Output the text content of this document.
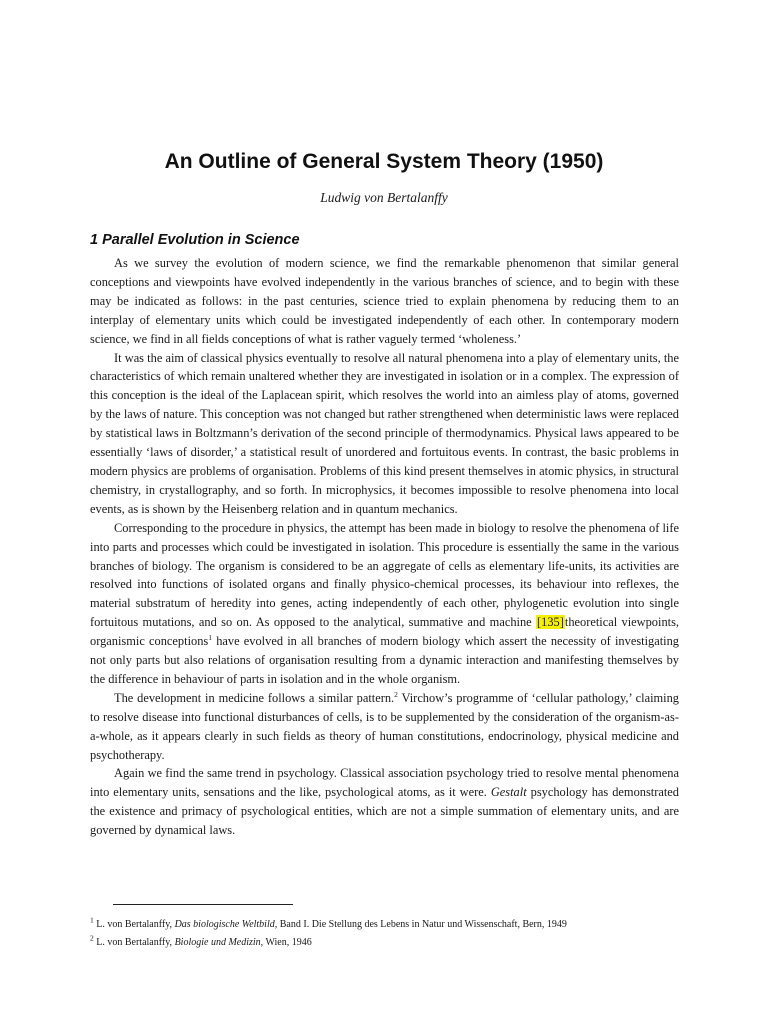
An Outline of General System Theory (1950)
Ludwig von Bertalanffy
1 Parallel Evolution in Science

As we survey the evolution of modern science, we find the remarkable phenomenon that similar general conceptions and viewpoints have evolved independently in the various branches of science, and to begin with these may be indicated as follows: in the past centuries, science tried to explain phenomena by reducing them to an interplay of elementary units which could be investigated independently of each other. In contemporary modern science, we find in all fields conceptions of what is rather vaguely termed ‘wholeness.’

It was the aim of classical physics eventually to resolve all natural phenomena into a play of elementary units, the characteristics of which remain unaltered whether they are investigated in isolation or in a complex. The expression of this conception is the ideal of the Laplacean spirit, which resolves the world into an aimless play of atoms, governed by the laws of nature. This conception was not changed but rather strengthened when deterministic laws were replaced by statistical laws in Boltzmann’s derivation of the second principle of thermodynamics. Physical laws appeared to be essentially ‘laws of disorder,’ a statistical result of unordered and fortuitous events. In contrast, the basic problems in modern physics are problems of organisation. Problems of this kind present themselves in atomic physics, in structural chemistry, in crystallography, and so forth. In microphysics, it becomes impossible to resolve phenomena into local events, as is shown by the Heisenberg relation and in quantum mechanics.

Corresponding to the procedure in physics, the attempt has been made in biology to resolve the phenomena of life into parts and processes which could be investigated in isolation. This procedure is essentially the same in the various branches of biology. The organism is considered to be an aggregate of cells as elementary life-units, its activities are resolved into functions of isolated organs and finally physico-chemical processes, its behaviour into reflexes, the material substratum of heredity into genes, acting independently of each other, phylogenetic evolution into single fortuitous mutations, and so on. As opposed to the analytical, summative and machine [135]theoretical viewpoints, organismic conceptions$^1$ have evolved in all branches of modern biology which assert the necessity of investigating not only parts but also relations of organisation resulting from a dynamic interaction and manifesting themselves by the difference in behaviour of parts in isolation and in the whole organism.

The development in medicine follows a similar pattern.$^2$ Virchow’s programme of ‘cellular pathology,’ claiming to resolve disease into functional disturbances of cells, is to be supplemented by the consideration of the organism-as-a-whole, as it appears clearly in such fields as theory of human constitutions, endocrinology, physical medicine and psychotherapy.

Again we find the same trend in psychology. Classical association psychology tried to resolve mental phenomena into elementary units, sensations and the like, psychological atoms, as it were. Gestalt psychology has demonstrated the existence and primacy of psychological entities, which are not a simple summation of elementary units, and are governed by dynamical laws.

$^1$ L. von Bertalanffy, Das biologische Weltbild, Band I. Die Stellung des Lebens in Natur und Wissenschaft, Bern, 1949
$^2$ L. von Bertalanffy, Biologie und Medizin, Wien, 1946
